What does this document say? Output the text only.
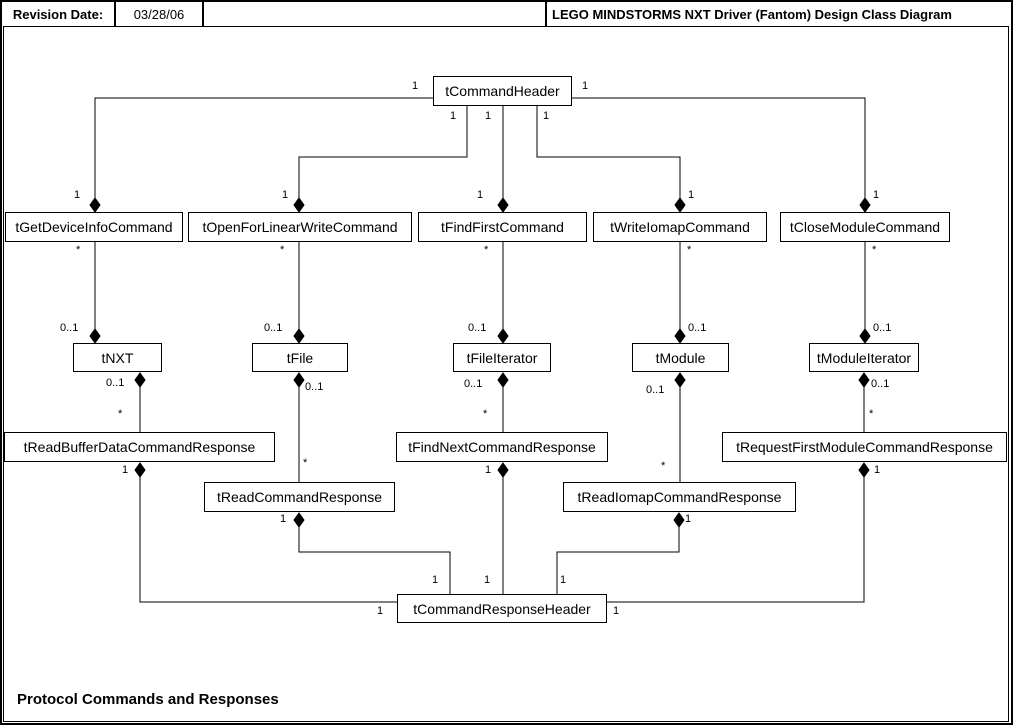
Revision Date:	03/28/06	LEGO MINDSTORMS NXT Driver (Fantom) Design Class Diagram
tCommandHeader
tGetDeviceInfoCommand	tOpenForLinearWriteCommand	tFindFirstCommand	tWriteIomapCommand	tCloseModuleCommand
tNXT	tFile	tFileIterator	tModule	tModuleIterator
tReadBufferDataCommandResponse	tFindNextCommandResponse	tRequestFirstModuleCommandResponse
tReadCommandResponse	tReadIomapCommandResponse
tCommandResponseHeader
1	1
1	1	1
1	1	1	1	1
*	*	*	*	*
0..1	0..1	0..1	0..1	0..1
0..1	0..1	0..1	0..1	0..1
*
*
*
*
*
1	1	1
1	1
1	1	1
1	1
Protocol Commands and Responses
